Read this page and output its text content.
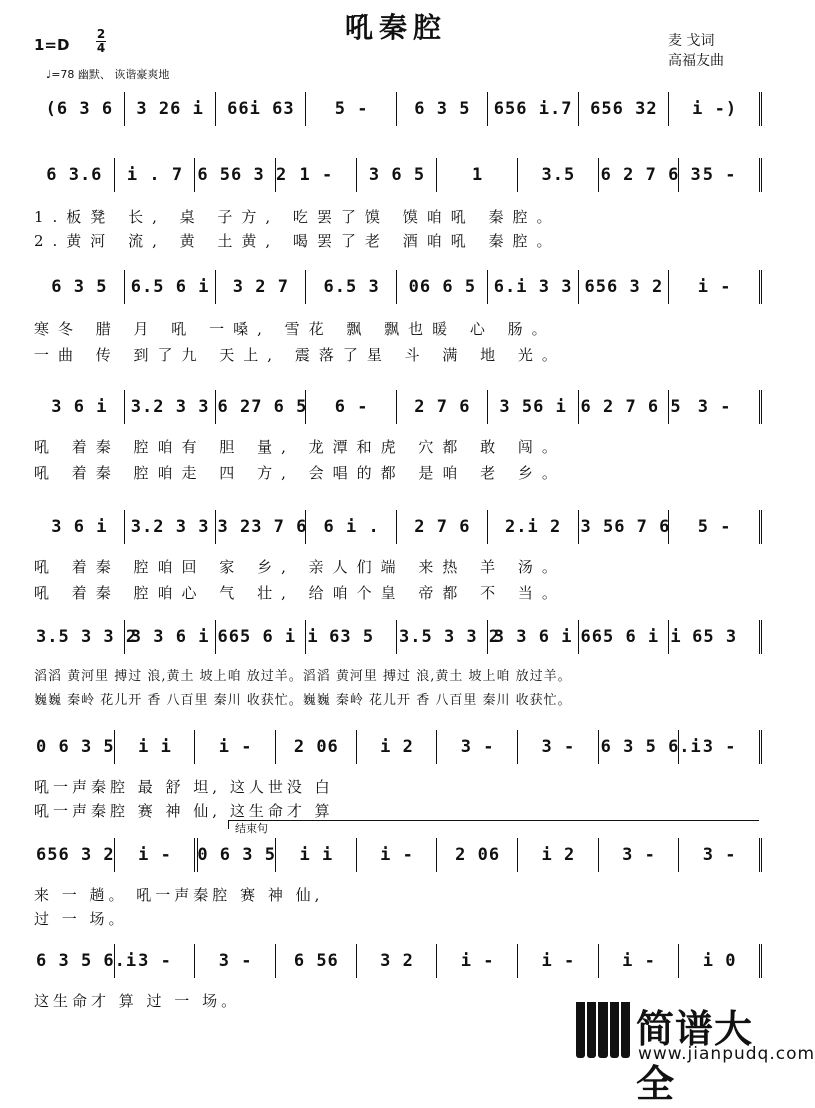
吼秦腔
1=D
2
4
♩=78 幽默、 诙谐豪爽地
麦 戈词
高福友曲
(6 3 6	3 26 i	66i 63	5 -	6 3 5	656 i.7	656 32	i -)
6 3.6	i . 7 6 56 3 2 1 -	3 6 5	1	3.5	6 2 7 6 3 5 -
6 3 5	6.5 6 i	3 2 7	6.5 3	06 6 5	6.i 3 3 656 3 2	i -
3 6 i	3.2 3 3 6 27 6 5	6 -	2 7 6	3 56 i 6 2 7 6 5 3 -
3 6 i	3.2 3 3 3 23 7 6 6 i .	2 7 6	2.i 2	3 56 7 6	5 -
3.5 3 3 2
3 3 6 i 665 6 i i 63 5	3.5 3 3 2
3 3 6 i 665 6 i i 65 3
0 6 3 5	i i	i -	2 06	i 2	3 -	3 -	6 3 5 6.i 3 -
656 3 2	i -	0 6 3 5	i i	i -	2 06	i 2	3 -	3 -
6 3 5 6.i 3 -	3 -	6 56	3 2	i -	i -	i -	i 0
1.板凳 长, 桌 子方, 吃罢了馍 馍咱吼 秦腔。
2.黄河 流, 黄 土黄, 喝罢了老 酒咱吼 秦腔。
寒冬 腊 月 吼 一嗓, 雪花 飘 飘也暖 心 肠。
一曲 传 到了九 天上, 震落了星 斗 满 地 光。
吼 着秦 腔咱有 胆 量, 龙潭和虎 穴都 敢 闯。
吼 着秦 腔咱走 四 方, 会唱的都 是咱 老 乡。
吼 着秦 腔咱回 家 乡, 亲人们端 来热 羊 汤。
吼 着秦 腔咱心 气 壮, 给咱个皇 帝都 不 当。
滔滔 黄河里 搏过 浪,黄土 坡上咱 放过羊。滔滔 黄河里 搏过 浪,黄土 坡上咱 放过羊。
巍巍 秦岭 花儿开 香 八百里 秦川 收获忙。巍巍 秦岭 花儿开 香 八百里 秦川 收获忙。
吼一声秦腔 最 舒 坦, 这人世没 白
吼一声秦腔 赛 神 仙, 这生命才 算
来 一 趟。 吼一声秦腔 赛 神 仙,
过 一 场。
这生命才 算 过 一 场。
结束句
简谱大全
www.jianpudq.com
